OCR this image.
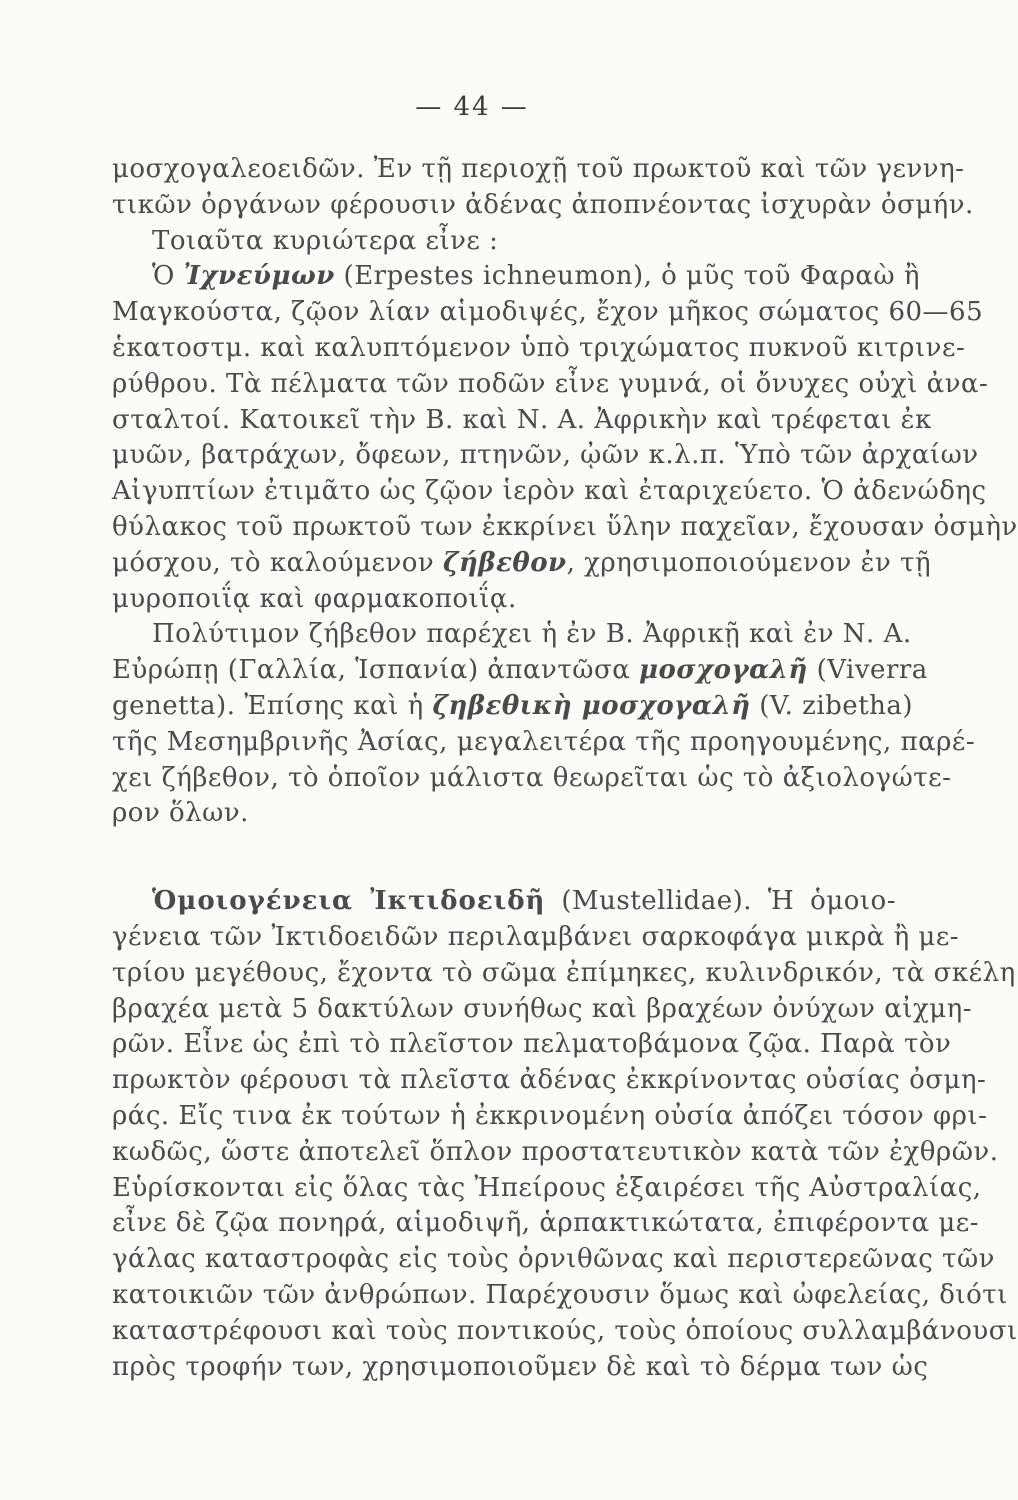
— 44 —
μοσχογαλεοειδῶν. Ἐν τῇ περιοχῇ τοῦ πρωκτοῦ καὶ τῶν γεννη-
τικῶν ὀργάνων φέρουσιν ἀδένας ἀποπνέοντας ἰσχυρὰν ὀσμήν.
Τοιαῦτα κυριώτερα εἶνε :
Ὁ Ἰχνεύμων (Erpestes ichneumon), ὁ μῦς τοῦ Φαραὼ ἢ
Μαγκούστα, ζῷον λίαν αἱμοδιψές, ἔχον μῆκος σώματος 60—65
ἑκατοστμ. καὶ καλυπτόμενον ὑπὸ τριχώματος πυκνοῦ κιτρινε-
ρύθρου. Τὰ πέλματα τῶν ποδῶν εἶνε γυμνά, οἱ ὄνυχες οὐχὶ ἀνα-
σταλτοί. Κατοικεῖ τὴν Β. καὶ Ν. Α. Ἀφρικὴν καὶ τρέφεται ἐκ
μυῶν, βατράχων, ὄφεων, πτηνῶν, ᾠῶν κ.λ.π. Ὑπὸ τῶν ἀρχαίων
Αἰγυπτίων ἐτιμᾶτο ὡς ζῷον ἱερὸν καὶ ἐταριχεύετο. Ὁ ἀδενώδης
θύλακος τοῦ πρωκτοῦ των ἐκκρίνει ὕλην παχεῖαν, ἔχουσαν ὀσμὴν
μόσχου, τὸ καλούμενον ζήβεθον, χρησιμοποιούμενον ἐν τῇ
μυροποιΐᾳ καὶ φαρμακοποιΐᾳ.
Πολύτιμον ζήβεθον παρέχει ἡ ἐν Β. Ἀφρικῇ καὶ ἐν Ν. Α.
Εὐρώπῃ (Γαλλία, Ἱσπανία) ἀπαντῶσα μοσχογαλῆ (Viverra
genetta). Ἐπίσης καὶ ἡ ζηβεθικὴ μοσχογαλῆ (V. zibetha)
τῆς Μεσημβρινῆς Ἀσίας, μεγαλειτέρα τῆς προηγουμένης, παρέ-
χει ζήβεθον, τὸ ὁποῖον μάλιστα θεωρεῖται ὡς τὸ ἀξιολογώτε-
ρον ὅλων.
Ὁμοιογένεια Ἰκτιδοειδῆ (Mustellidae). Ἡ ὁμοιο-
γένεια τῶν Ἰκτιδοειδῶν περιλαμβάνει σαρκοφάγα μικρὰ ἢ με-
τρίου μεγέθους, ἔχοντα τὸ σῶμα ἐπίμηκες, κυλινδρικόν, τὰ σκέλη
βραχέα μετὰ 5 δακτύλων συνήθως καὶ βραχέων ὀνύχων αἰχμη-
ρῶν. Εἶνε ὡς ἐπὶ τὸ πλεῖστον πελματοβάμονα ζῷα. Παρὰ τὸν
πρωκτὸν φέρουσι τὰ πλεῖστα ἀδένας ἐκκρίνοντας οὐσίας ὀσμη-
ράς. Εἴς τινα ἐκ τούτων ἡ ἐκκρινομένη οὐσία ἀπόζει τόσον φρι-
κωδῶς, ὥστε ἀποτελεῖ ὅπλον προστατευτικὸν κατὰ τῶν ἐχθρῶν.
Εὑρίσκονται εἰς ὅλας τὰς Ἠπείρους ἐξαιρέσει τῆς Αὐστραλίας,
εἶνε δὲ ζῷα πονηρά, αἱμοδιψῆ, ἁρπακτικώτατα, ἐπιφέροντα με-
γάλας καταστροφὰς εἰς τοὺς ὀρνιθῶνας καὶ περιστερεῶνας τῶν
κατοικιῶν τῶν ἀνθρώπων. Παρέχουσιν ὅμως καὶ ὠφελείας, διότι
καταστρέφουσι καὶ τοὺς ποντικούς, τοὺς ὁποίους συλλαμβάνουσι
πρὸς τροφήν των, χρησιμοποιοῦμεν δὲ καὶ τὸ δέρμα των ὡς
